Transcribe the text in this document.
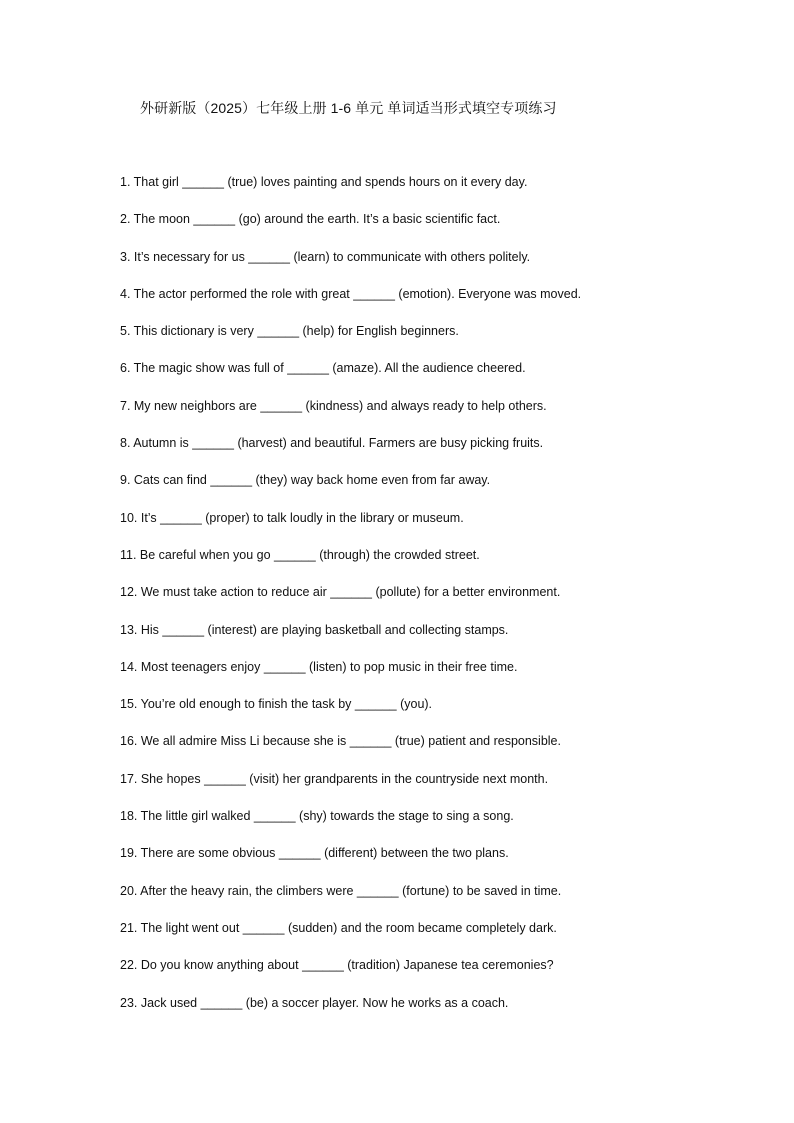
外研新版（2025）七年级上册 1-6 单元 单词适当形式填空专项练习
1. That girl ______ (true) loves painting and spends hours on it every day.
2. The moon ______ (go) around the earth. It’s a basic scientific fact.
3. It’s necessary for us ______ (learn) to communicate with others politely.
4. The actor performed the role with great ______ (emotion). Everyone was moved.
5. This dictionary is very ______ (help) for English beginners.
6. The magic show was full of ______ (amaze). All the audience cheered.
7. My new neighbors are ______ (kindness) and always ready to help others.
8. Autumn is ______ (harvest) and beautiful. Farmers are busy picking fruits.
9. Cats can find ______ (they) way back home even from far away.
10. It’s ______ (proper) to talk loudly in the library or museum.
11. Be careful when you go ______ (through) the crowded street.
12. We must take action to reduce air ______ (pollute) for a better environment.
13. His ______ (interest) are playing basketball and collecting stamps.
14. Most teenagers enjoy ______ (listen) to pop music in their free time.
15. You’re old enough to finish the task by ______ (you).
16. We all admire Miss Li because she is ______ (true) patient and responsible.
17. She hopes ______ (visit) her grandparents in the countryside next month.
18. The little girl walked ______ (shy) towards the stage to sing a song.
19. There are some obvious ______ (different) between the two plans.
20. After the heavy rain, the climbers were ______ (fortune) to be saved in time.
21. The light went out ______ (sudden) and the room became completely dark.
22. Do you know anything about ______ (tradition) Japanese tea ceremonies?
23. Jack used ______ (be) a soccer player. Now he works as a coach.
